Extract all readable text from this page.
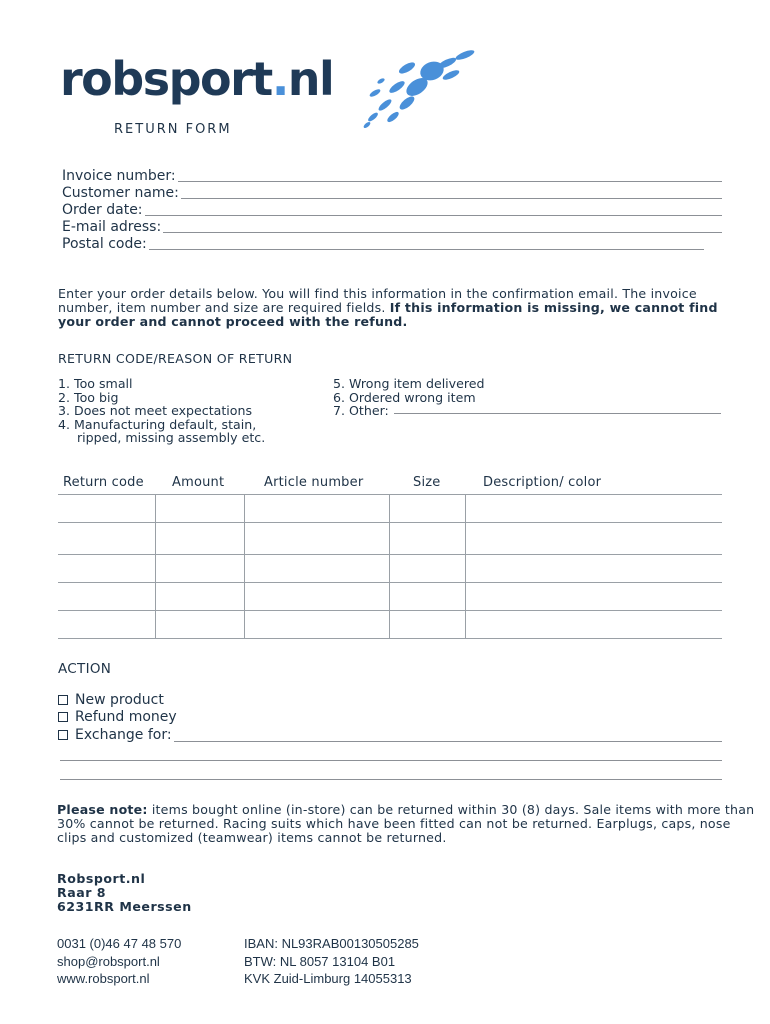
robsport.nl
RETURN FORM
Invoice number:
Customer name:
Order date:
E-mail adress:
Postal code:
Enter your order details below. You will find this information in the confirmation email. The invoice number, item number and size are required fields. If this information is missing, we cannot find your order and cannot proceed with the refund.
RETURN CODE/REASON OF RETURN
1. Too small
2. Too big
3. Does not meet expectations
4. Manufacturing default, stain,
ripped, missing assembly etc.
5. Wrong item delivered
6. Ordered wrong item
7. Other:
Return code	Amount	Article number	Size	Description/ color

ACTION
New product
Refund money
Exchange for:
Please note: items bought online (in-store) can be returned within 30 (8) days. Sale items with more than 30% cannot be returned. Racing suits which have been fitted can not be returned. Earplugs, caps, nose clips and customized (teamwear) items cannot be returned.
Robsport.nl
Raar 8
6231RR Meerssen
0031 (0)46 47 48 570
shop@robsport.nl
www.robsport.nl
IBAN: NL93RAB00130505285
BTW: NL 8057 13104 B01
KVK Zuid-Limburg 14055313
